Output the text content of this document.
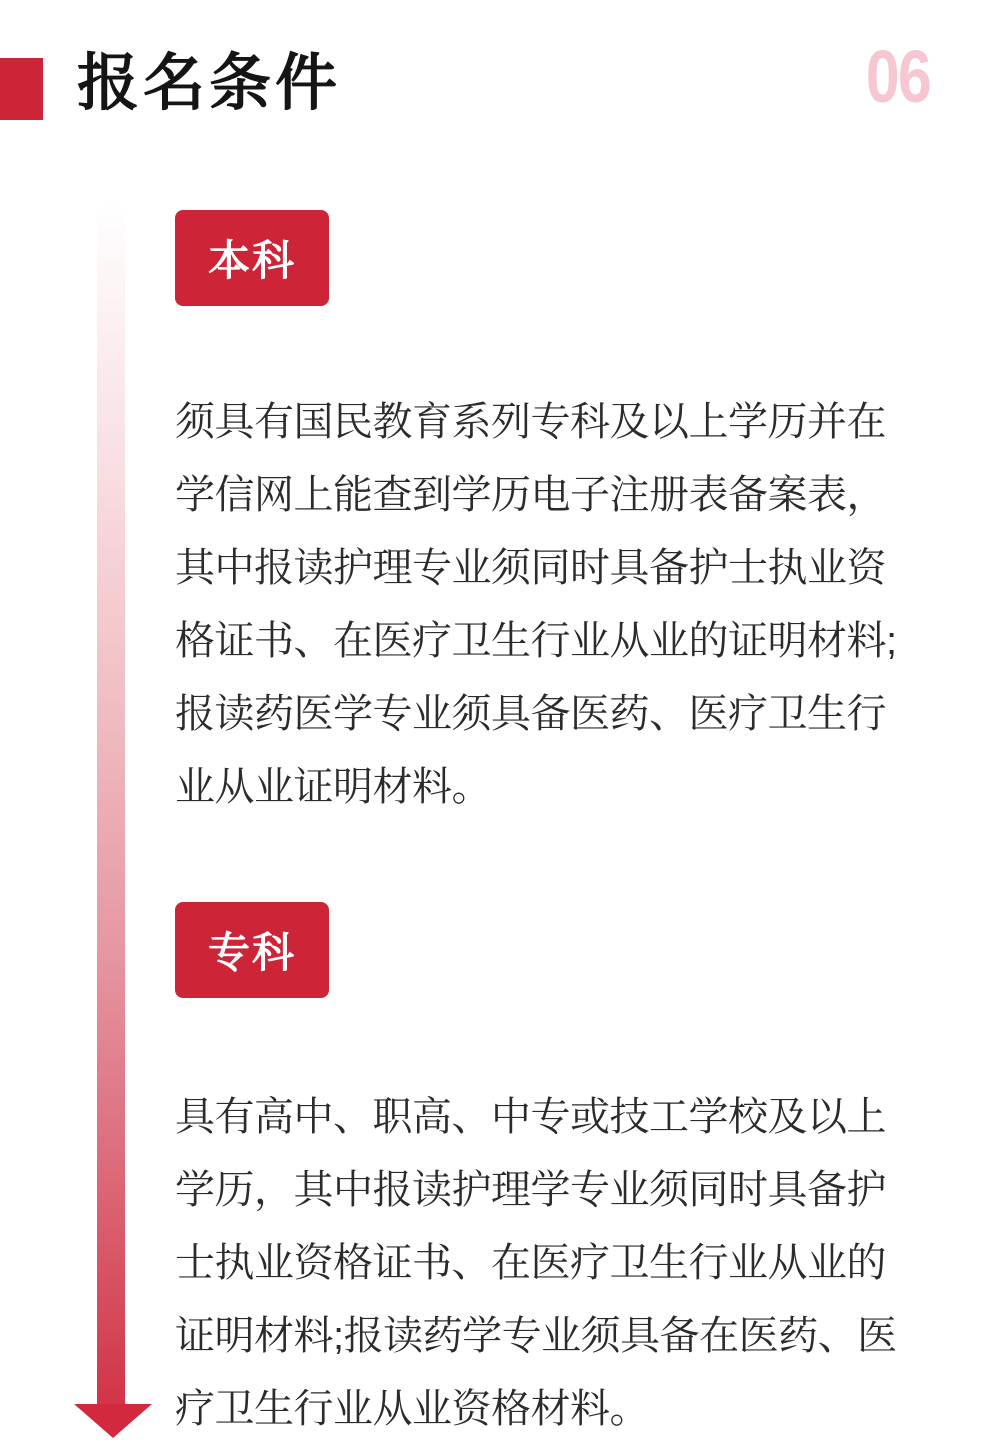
报名条件	06
本科
须具有国民教育系列专科及以上学历并在
学信网上能查到学历电子注册表备案表，
其中报读护理专业须同时具备护士执业资
格证书、在医疗卫生行业从业的证明材料;
报读药医学专业须具备医药、医疗卫生行
业从业证明材料。
专科
具有高中、职高、中专或技工学校及以上
学历，其中报读护理学专业须同时具备护
士执业资格证书、在医疗卫生行业从业的
证明材料;报读药学专业须具备在医药、医
疗卫生行业从业资格材料。
